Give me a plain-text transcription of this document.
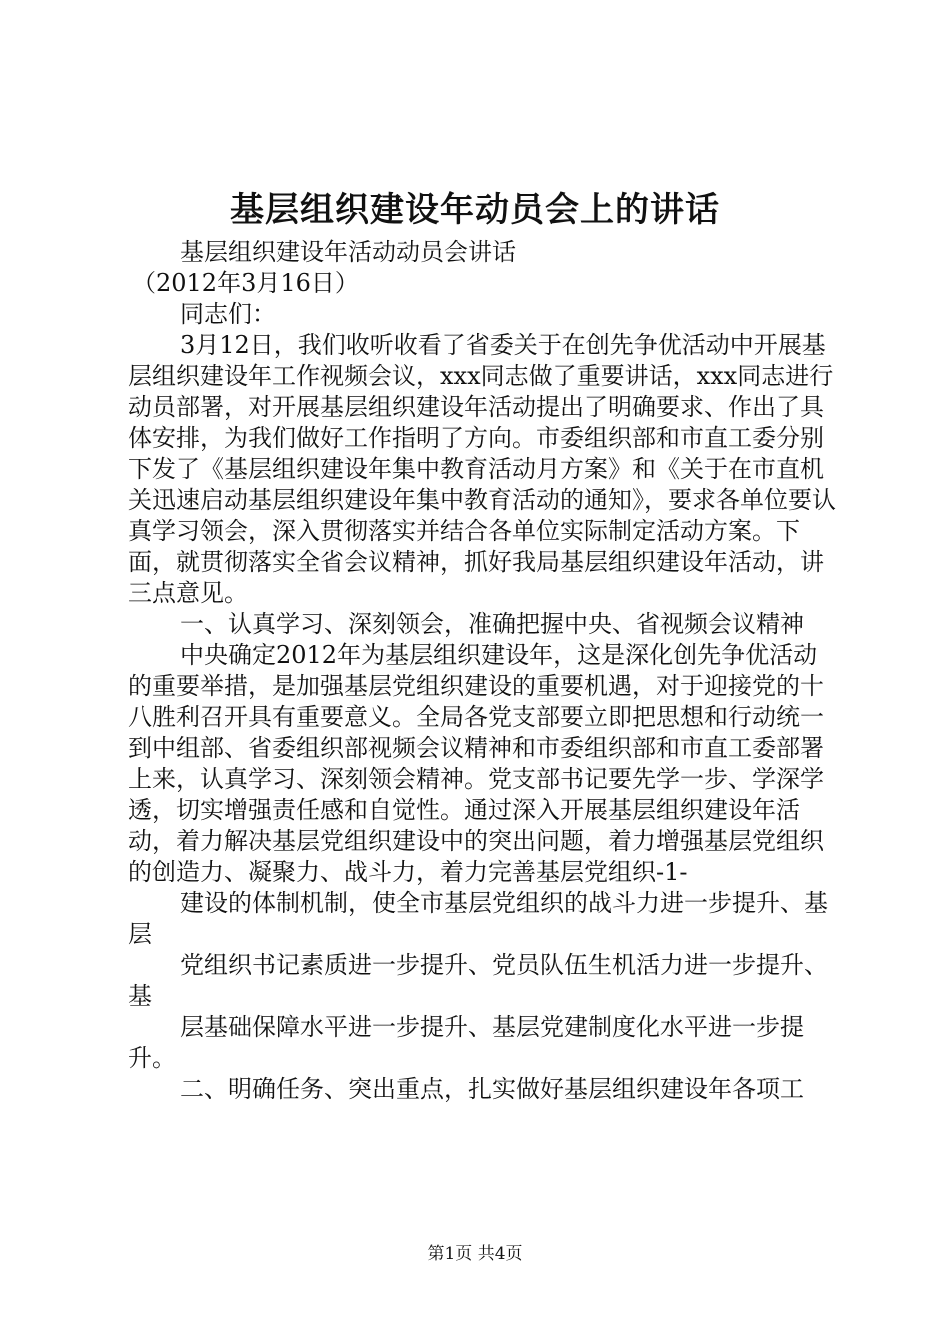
基层组织建设年动员会上的讲话

基层组织建设年活动动员会讲话

（2012年3月16日）

同志们：

3月12日，我们收听收看了省委关于在创先争优活动中开展基层组织建设年工作视频会议，xxx同志做了重要讲话，xxx同志进行动员部署，对开展基层组织建设年活动提出了明确要求、作出了具体安排，为我们做好工作指明了方向。市委组织部和市直工委分别下发了《基层组织建设年集中教育活动月方案》和《关于在市直机关迅速启动基层组织建设年集中教育活动的通知》，要求各单位要认真学习领会，深入贯彻落实并结合各单位实际制定活动方案。下面，就贯彻落实全省会议精神，抓好我局基层组织建设年活动，讲三点意见。

一、认真学习、深刻领会，准确把握中央、省视频会议精神

中央确定2012年为基层组织建设年，这是深化创先争优活动的重要举措，是加强基层党组织建设的重要机遇，对于迎接党的十八胜利召开具有重要意义。全局各党支部要立即把思想和行动统一到中组部、省委组织部视频会议精神和市委组织部和市直工委部署上来，认真学习、深刻领会精神。党支部书记要先学一步、学深学透，切实增强责任感和自觉性。通过深入开展基层组织建设年活动，着力解决基层党组织建设中的突出问题，着力增强基层党组织的创造力、凝聚力、战斗力，着力完善基层党组织-1-

建设的体制机制，使全市基层党组织的战斗力进一步提升、基层

党组织书记素质进一步提升、党员队伍生机活力进一步提升、基

层基础保障水平进一步提升、基层党建制度化水平进一步提升。

二、明确任务、突出重点，扎实做好基层组织建设年各项工

第1页 共4页
